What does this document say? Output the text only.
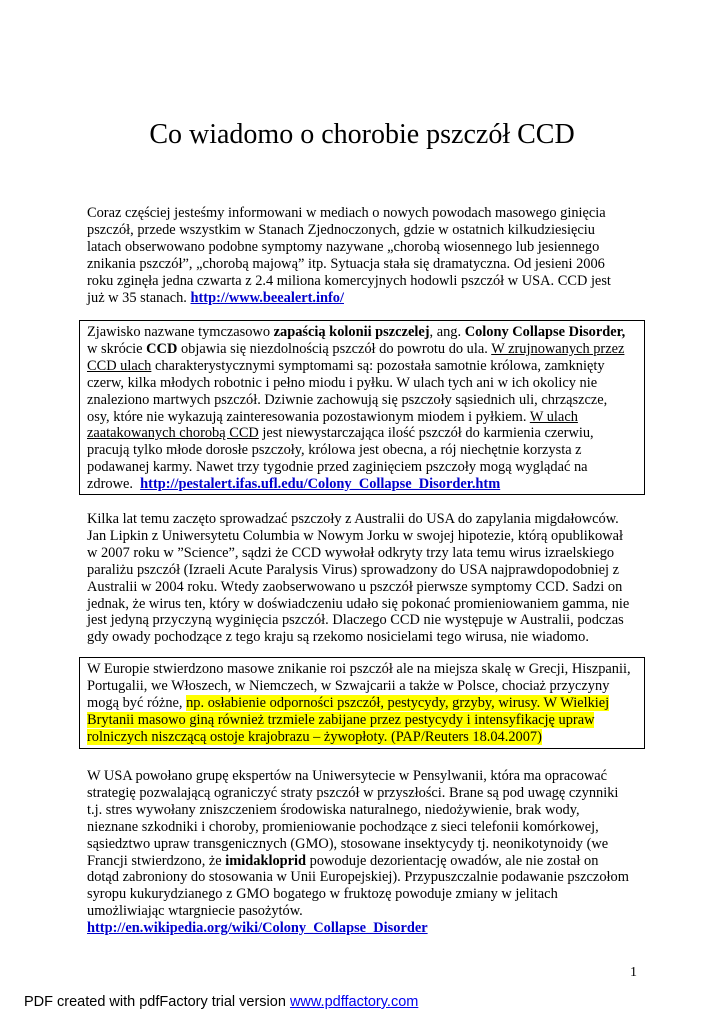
Co wiadomo o chorobie pszczół CCD
Coraz częściej jesteśmy informowani w mediach o nowych powodach masowego ginięcia
pszczół, przede wszystkim w Stanach Zjednoczonych, gdzie w ostatnich kilkudziesięciu
latach obserwowano podobne symptomy nazywane „chorobą wiosennego lub jesiennego
znikania pszczół”, „chorobą majową” itp. Sytuacja stała się dramatyczna. Od jesieni 2006
roku zginęła jedna czwarta z 2.4 miliona komercyjnych hodowli pszczół w USA. CCD jest
już w 35 stanach. http://www.beealert.info/
Zjawisko nazwane tymczasowo zapaścią kolonii pszczelej, ang. Colony Collapse Disorder,
w skrócie CCD objawia się niezdolnością pszczół do powrotu do ula. W zrujnowanych przez
CCD ulach charakterystycznymi symptomami są: pozostała samotnie królowa, zamknięty
czerw, kilka młodych robotnic i pełno miodu i pyłku. W ulach tych ani w ich okolicy nie
znaleziono martwych pszczół. Dziwnie zachowują się pszczoły sąsiednich uli, chrząszcze,
osy, które nie wykazują zainteresowania pozostawionym miodem i pyłkiem. W ulach
zaatakowanych chorobą CCD jest niewystarczająca ilość pszczół do karmienia czerwiu,
pracują tylko młode dorosłe pszczoły, królowa jest obecna, a rój niechętnie korzysta z
podawanej karmy. Nawet trzy tygodnie przed zaginięciem pszczoły mogą wyglądać na
zdrowe.  http://pestalert.ifas.ufl.edu/Colony_Collapse_Disorder.htm
Kilka lat temu zaczęto sprowadzać pszczoły z Australii do USA do zapylania migdałowców.
Jan Lipkin z Uniwersytetu Columbia w Nowym Jorku w swojej hipotezie, którą opublikował
w 2007 roku w ”Science”, sądzi że CCD wywołał odkryty trzy lata temu wirus izraelskiego
paraliżu pszczół (Izraeli Acute Paralysis Virus) sprowadzony do USA najprawdopodobniej z
Australii w 2004 roku. Wtedy zaobserwowano u pszczół pierwsze symptomy CCD. Sadzi on
jednak, że wirus ten, który w doświadczeniu udało się pokonać promieniowaniem gamma, nie
jest jedyną przyczyną wyginięcia pszczół. Dlaczego CCD nie występuje w Australii, podczas
gdy owady pochodzące z tego kraju są rzekomo nosicielami tego wirusa, nie wiadomo.
W Europie stwierdzono masowe znikanie roi pszczół ale na miejsza skalę w Grecji, Hiszpanii,
Portugalii, we Włoszech, w Niemczech, w Szwajcarii a także w Polsce, chociaż przyczyny
mogą być różne, np. osłabienie odporności pszczół, pestycydy, grzyby, wirusy. W Wielkiej
Brytanii masowo giną również trzmiele zabijane przez pestycydy i intensyfikację upraw
rolniczych niszczącą ostoje krajobrazu – żywopłoty. (PAP/Reuters 18.04.2007)
W USA powołano grupę ekspertów na Uniwersytecie w Pensylwanii, która ma opracować
strategię pozwalającą ograniczyć straty pszczół w przyszłości. Brane są pod uwagę czynniki
t.j. stres wywołany zniszczeniem środowiska naturalnego, niedożywienie, brak wody,
nieznane szkodniki i choroby, promieniowanie pochodzące z sieci telefonii komórkowej,
sąsiedztwo upraw transgenicznych (GMO), stosowane insektycydy tj. neonikotynoidy (we
Francji stwierdzono, że imidakloprid powoduje dezorientację owadów, ale nie został on
dotąd zabroniony do stosowania w Unii Europejskiej). Przypuszczalnie podawanie pszczołom
syropu kukurydzianego z GMO bogatego w fruktozę powoduje zmiany w jelitach
umożliwiając wtargniecie pasożytów.
http://en.wikipedia.org/wiki/Colony_Collapse_Disorder
1
PDF created with pdfFactory trial version www.pdffactory.com
